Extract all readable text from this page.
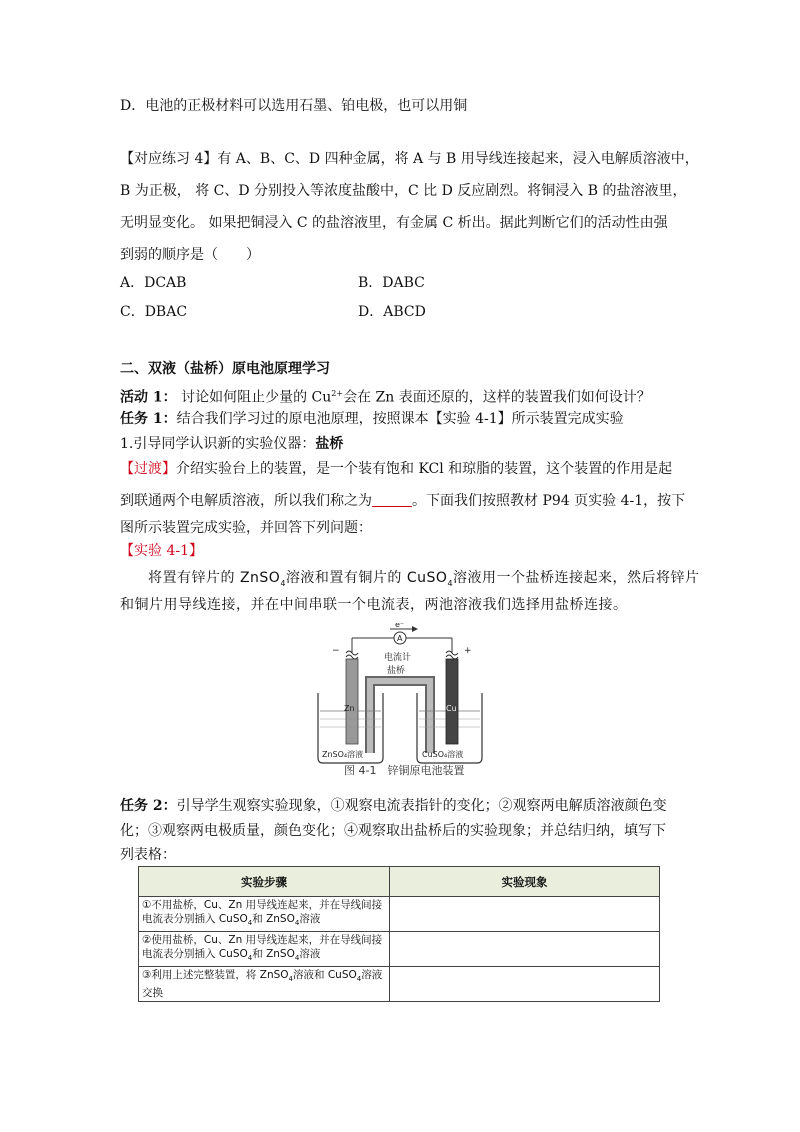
D．电池的正极材料可以选用石墨、铂电极，也可以用铜
【对应练习 4】有 A、B、C、D 四种金属，将 A 与 B 用导线连接起来，浸入电解质溶液中，
B 为正极， 将 C、D 分别投入等浓度盐酸中，C 比 D 反应剧烈。将铜浸入 B 的盐溶液里，
无明显变化。 如果把铜浸入 C 的盐溶液里，有金属 C 析出。据此判断它们的活动性由强
到弱的顺序是（　　）
A．DCAB	B．DABC
C．DBAC	D．ABCD
二、双液（盐桥）原电池原理学习
活动 1： 讨论如何阻止少量的 $Cu^{2+}$会在 Zn 表面还原的，这样的装置我们如何设计？
任务 1：结合我们学习过的原电池原理，按照课本【实验 4-1】所示装置完成实验
1.引导同学认识新的实验仪器：盐桥
【过渡】介绍实验台上的装置，是一个装有饱和 KCl 和琼脂的装置，这个装置的作用是起
到联通两个电解质溶液，所以我们称之为	。下面我们按照教材 P94 页实验 4-1，按下
图所示装置完成实验，并回答下列问题：
【实验 4-1】
将置有锌片的 ZnSO$_4$溶液和置有铜片的 CuSO$_4$溶液用一个盐桥连接起来，然后将锌片
和铜片用导线连接，并在中间串联一个电流表，两池溶液我们选择用盐桥连接。
e⁻
A
电流计
−	+
盐桥
Zn	Cu
ZnSO₄溶液	CuSO₄溶液
图 4-1　锌铜原电池装置
任务 2：引导学生观察实验现象，①观察电流表指针的变化；②观察两电解质溶液颜色变
化；③观察两电极质量，颜色变化；④观察取出盐桥后的实验现象；并总结归纳，填写下
列表格：
实验步骤	实验现象
①不用盐桥，Cu、Zn 用导线连起来，并在导线间接电流表分别插入 CuSO$_4$和 ZnSO$_4$溶液	
②使用盐桥，Cu、Zn 用导线连起来，并在导线间接电流表分别插入 CuSO$_4$和 ZnSO$_4$溶液	
③利用上述完整装置，将 ZnSO$_4$溶液和 CuSO$_4$溶液交换	
